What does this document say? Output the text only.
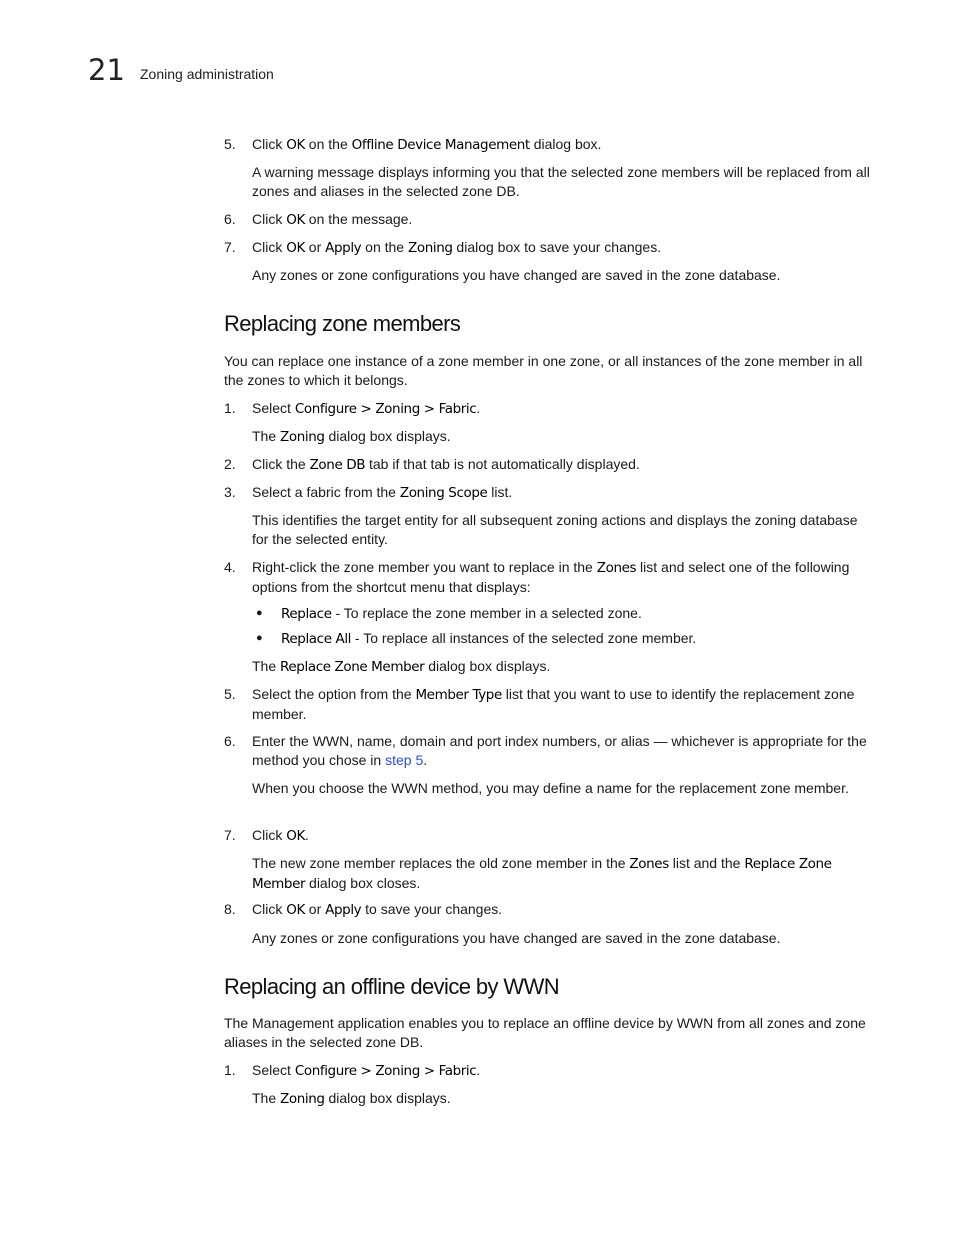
21 Zoning administration
5. Click OK on the Offline Device Management dialog box.
A warning message displays informing you that the selected zone members will be replaced from all zones and aliases in the selected zone DB.
6. Click OK on the message.
7. Click OK or Apply on the Zoning dialog box to save your changes.
Any zones or zone configurations you have changed are saved in the zone database.
Replacing zone members
You can replace one instance of a zone member in one zone, or all instances of the zone member in all the zones to which it belongs.
1. Select Configure > Zoning > Fabric.
The Zoning dialog box displays.
2. Click the Zone DB tab if that tab is not automatically displayed.
3. Select a fabric from the Zoning Scope list.
This identifies the target entity for all subsequent zoning actions and displays the zoning database for the selected entity.
4. Right-click the zone member you want to replace in the Zones list and select one of the following options from the shortcut menu that displays:
● Replace - To replace the zone member in a selected zone.
● Replace All - To replace all instances of the selected zone member.
The Replace Zone Member dialog box displays.
5. Select the option from the Member Type list that you want to use to identify the replacement zone member.
6. Enter the WWN, name, domain and port index numbers, or alias — whichever is appropriate for the method you chose in step 5.
When you choose the WWN method, you may define a name for the replacement zone member.
7. Click OK.
The new zone member replaces the old zone member in the Zones list and the Replace Zone Member dialog box closes.
8. Click OK or Apply to save your changes.
Any zones or zone configurations you have changed are saved in the zone database.
Replacing an offline device by WWN
The Management application enables you to replace an offline device by WWN from all zones and zone aliases in the selected zone DB.
1. Select Configure > Zoning > Fabric.
The Zoning dialog box displays.
